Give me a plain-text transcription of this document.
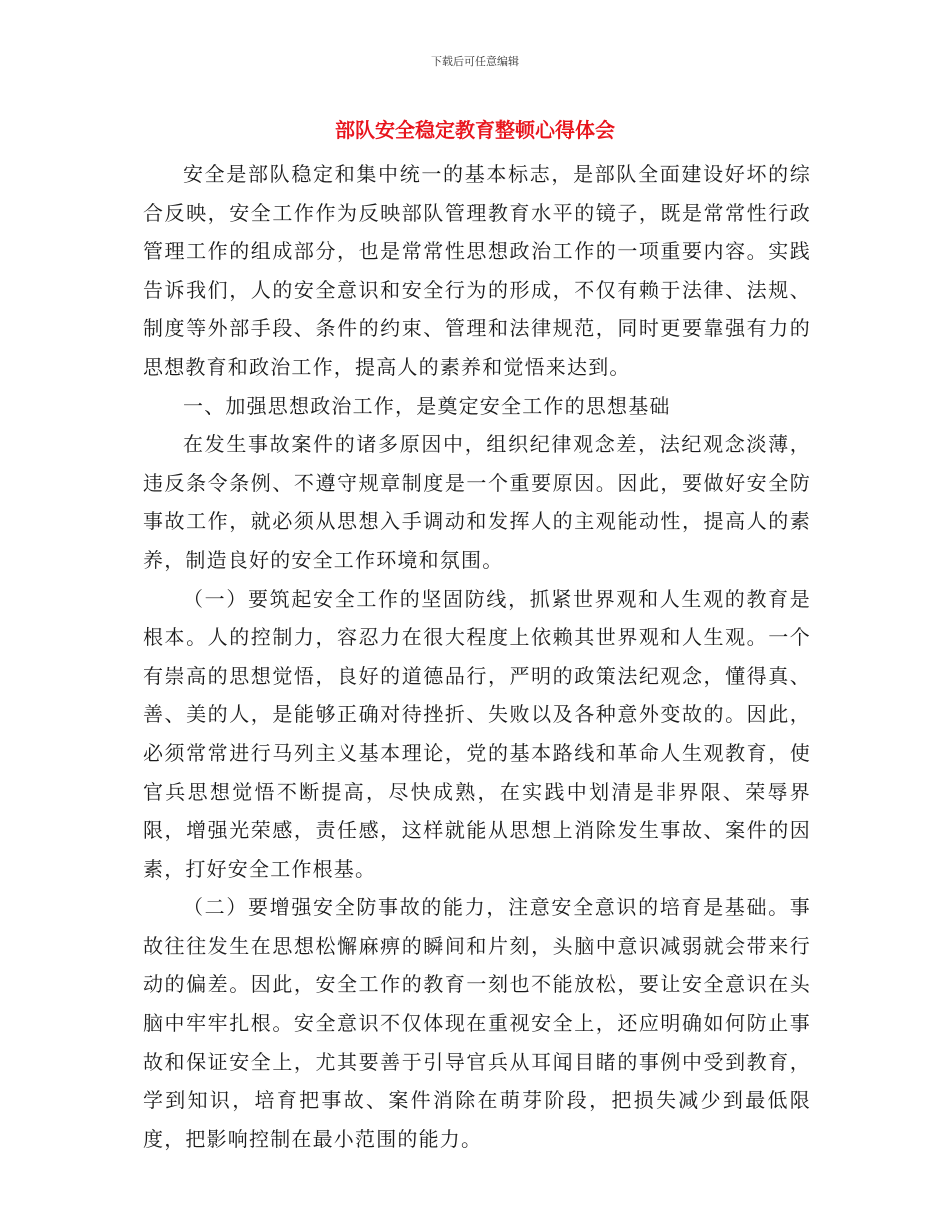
下载后可任意编辑
部队安全稳定教育整顿心得体会

安全是部队稳定和集中统一的基本标志，是部队全面建设好坏的综合反映，安全工作作为反映部队管理教育水平的镜子，既是常常性行政管理工作的组成部分，也是常常性思想政治工作的一项重要内容。实践告诉我们，人的安全意识和安全行为的形成，不仅有赖于法律、法规、制度等外部手段、条件的约束、管理和法律规范，同时更要靠强有力的思想教育和政治工作，提高人的素养和觉悟来达到。

一、加强思想政治工作，是奠定安全工作的思想基础

在发生事故案件的诸多原因中，组织纪律观念差，法纪观念淡薄，违反条令条例、不遵守规章制度是一个重要原因。因此，要做好安全防事故工作，就必须从思想入手调动和发挥人的主观能动性，提高人的素养，制造良好的安全工作环境和氛围。

（一）要筑起安全工作的坚固防线，抓紧世界观和人生观的教育是根本。人的控制力，容忍力在很大程度上依赖其世界观和人生观。一个有崇高的思想觉悟，良好的道德品行，严明的政策法纪观念，懂得真、善、美的人，是能够正确对待挫折、失败以及各种意外变故的。因此，必须常常进行马列主义基本理论，党的基本路线和革命人生观教育，使官兵思想觉悟不断提高，尽快成熟，在实践中划清是非界限、荣辱界限，增强光荣感，责任感，这样就能从思想上消除发生事故、案件的因素，打好安全工作根基。

（二）要增强安全防事故的能力，注意安全意识的培育是基础。事故往往发生在思想松懈麻痹的瞬间和片刻，头脑中意识减弱就会带来行动的偏差。因此，安全工作的教育一刻也不能放松，要让安全意识在头脑中牢牢扎根。安全意识不仅体现在重视安全上，还应明确如何防止事故和保证安全上，尤其要善于引导官兵从耳闻目睹的事例中受到教育，学到知识，培育把事故、案件消除在萌芽阶段，把损失减少到最低限度，把影响控制在最小范围的能力。
